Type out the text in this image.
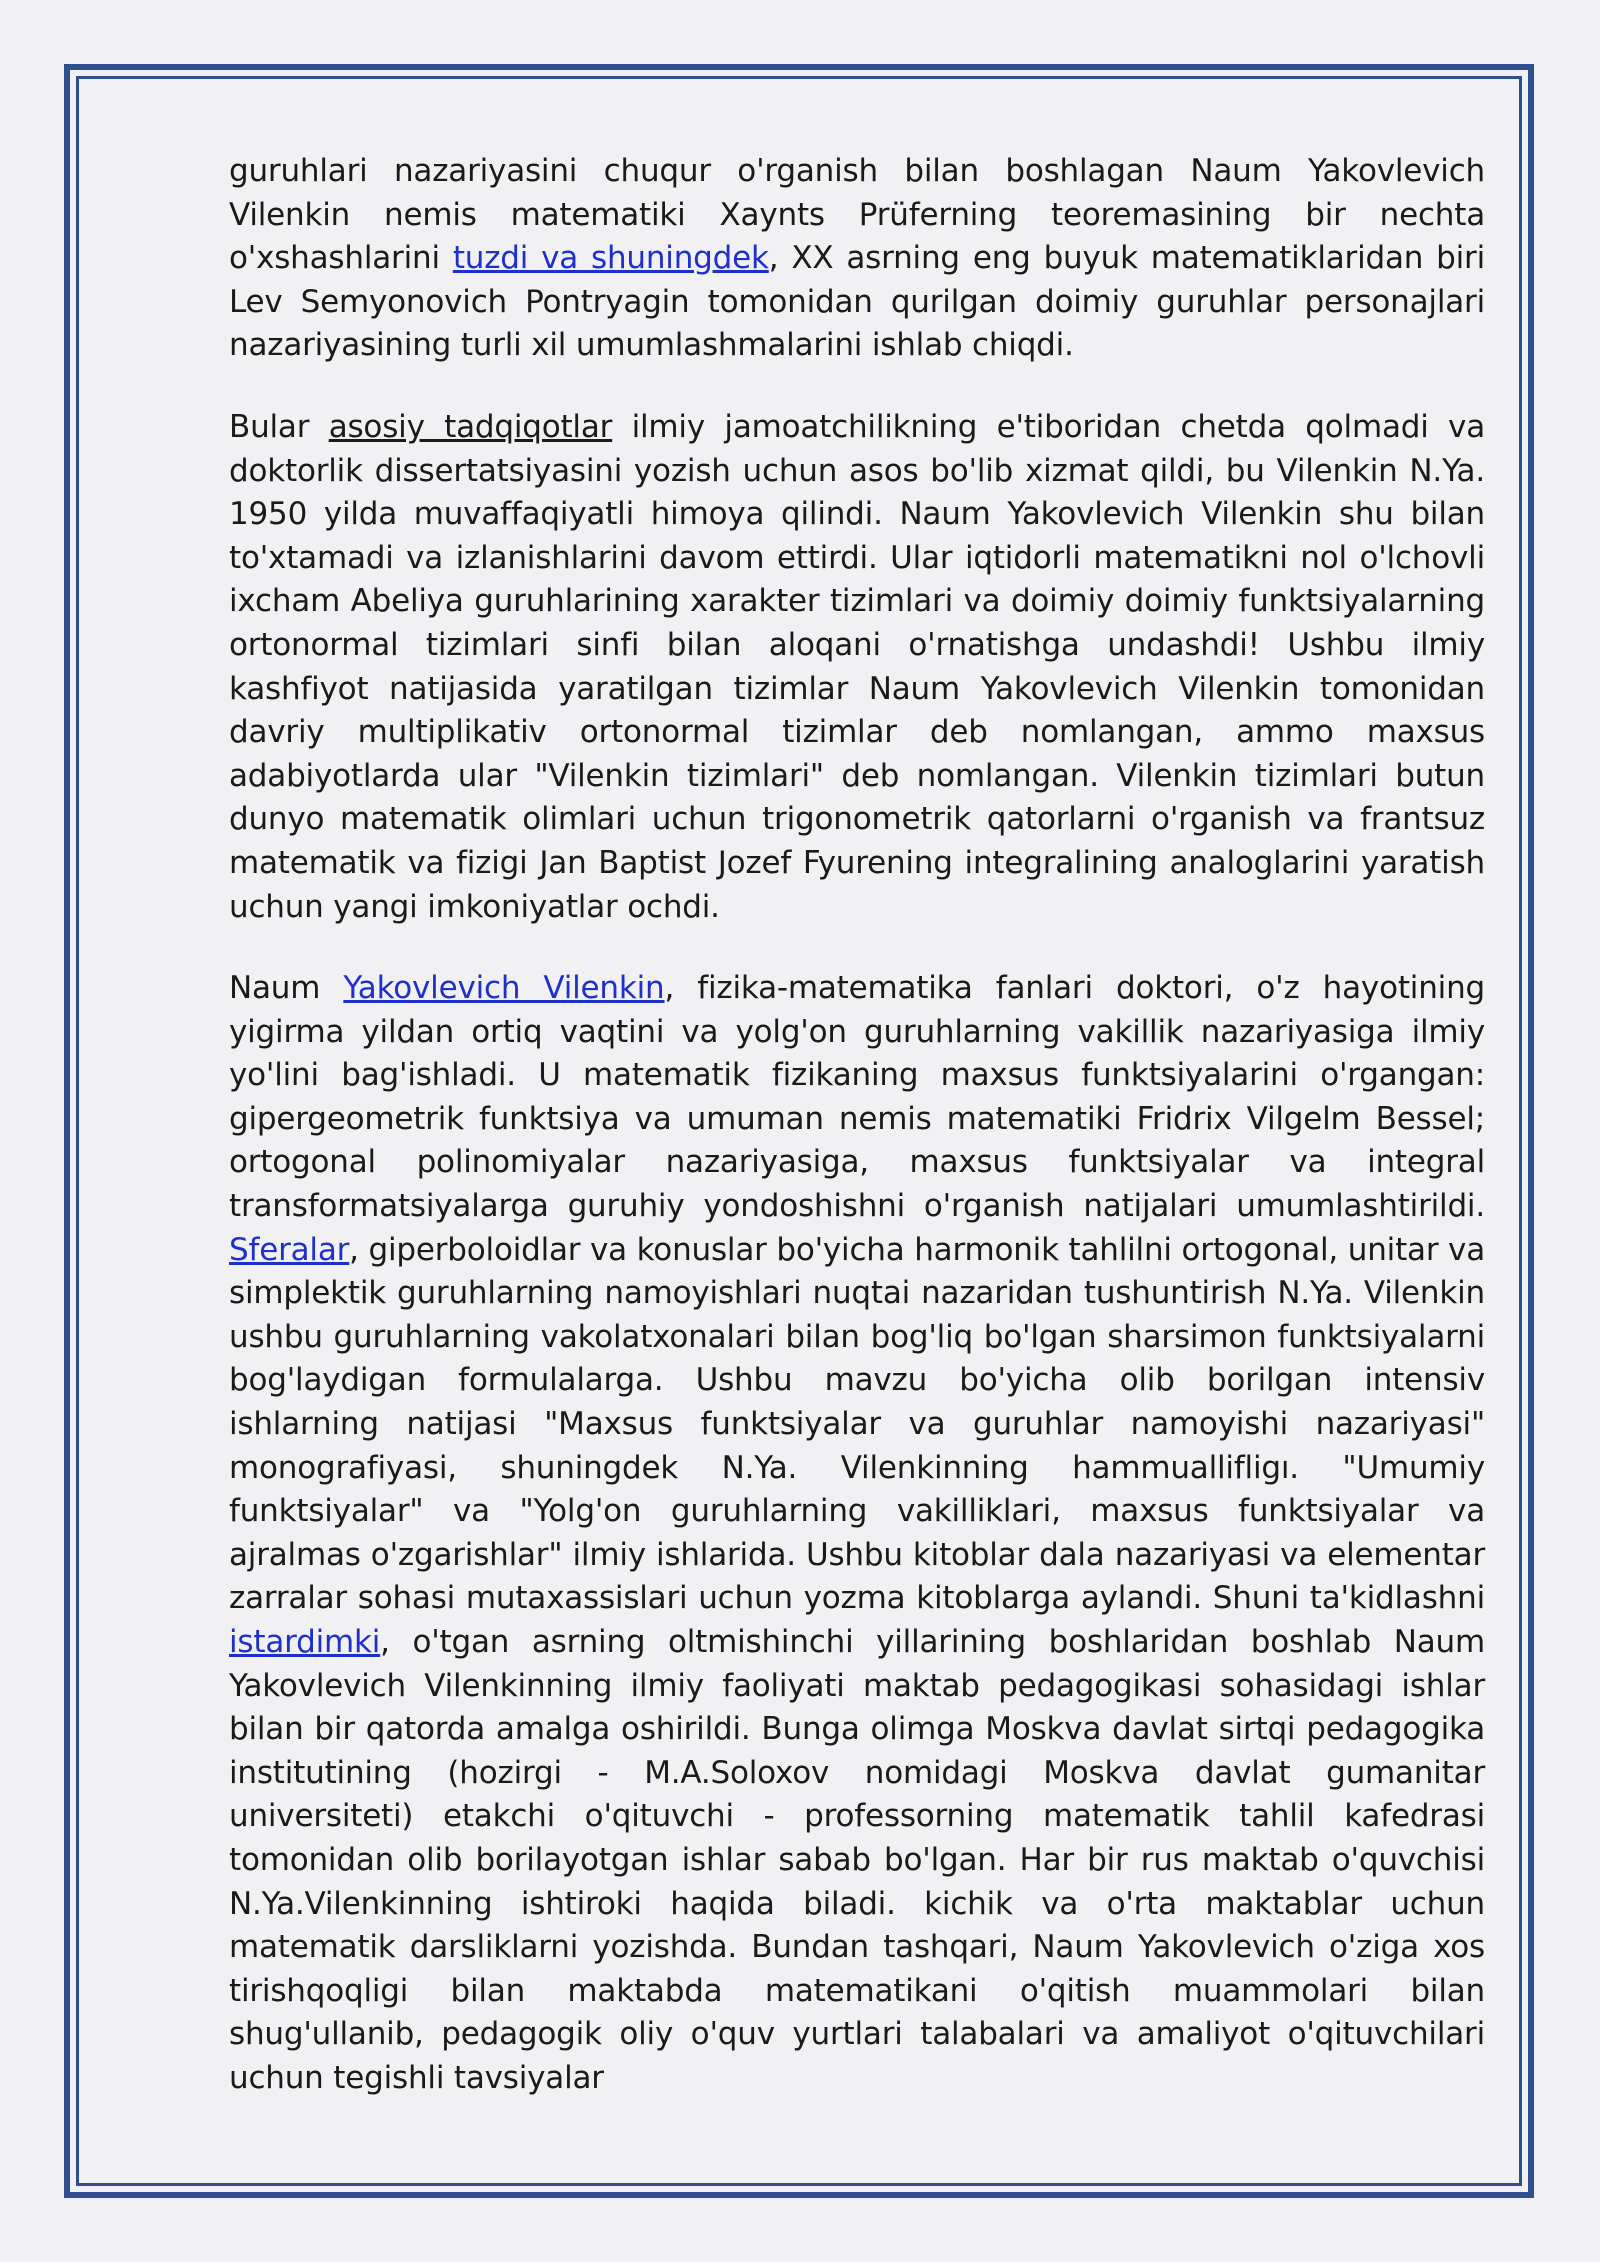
guruhlari nazariyasini chuqur o'rganish bilan boshlagan Naum Yakovlevich Vilenkin nemis matematiki Xaynts Prüferning teoremasining bir nechta o'xshashlarini tuzdi va shuningdek, XX asrning eng buyuk matematiklaridan biri Lev Semyonovich Pontryagin tomonidan qurilgan doimiy guruhlar personajlari nazariyasining turli xil umumlashmalarini ishlab chiqdi.

Bular asosiy tadqiqotlar ilmiy jamoatchilikning e'tiboridan chetda qolmadi va doktorlik dissertatsiyasini yozish uchun asos bo'lib xizmat qildi, bu Vilenkin N.Ya. 1950 yilda muvaffaqiyatli himoya qilindi. Naum Yakovlevich Vilenkin shu bilan to'xtamadi va izlanishlarini davom ettirdi. Ular iqtidorli matematikni nol o'lchovli ixcham Abeliya guruhlarining xarakter tizimlari va doimiy doimiy funktsiyalarning ortonormal tizimlari sinfi bilan aloqani o'rnatishga undashdi! Ushbu ilmiy kashfiyot natijasida yaratilgan tizimlar Naum Yakovlevich Vilenkin tomonidan davriy multiplikativ ortonormal tizimlar deb nomlangan, ammo maxsus adabiyotlarda ular "Vilenkin tizimlari" deb nomlangan. Vilenkin tizimlari butun dunyo matematik olimlari uchun trigonometrik qatorlarni o'rganish va frantsuz matematik va fizigi Jan Baptist Jozef Fyurening integralining analoglarini yaratish uchun yangi imkoniyatlar ochdi.

Naum Yakovlevich Vilenkin, fizika-matematika fanlari doktori, o'z hayotining yigirma yildan ortiq vaqtini va yolg'on guruhlarning vakillik nazariyasiga ilmiy yo'lini bag'ishladi. U matematik fizikaning maxsus funktsiyalarini o'rgangan: gipergeometrik funktsiya va umuman nemis matematiki Fridrix Vilgelm Bessel; ortogonal polinomiyalar nazariyasiga, maxsus funktsiyalar va integral transformatsiyalarga guruhiy yondoshishni o'rganish natijalari umumlashtirildi. Sferalar, giperboloidlar va konuslar bo'yicha harmonik tahlilni ortogonal, unitar va simplektik guruhlarning namoyishlari nuqtai nazaridan tushuntirish N.Ya. Vilenkin ushbu guruhlarning vakolatxonalari bilan bog'liq bo'lgan sharsimon funktsiyalarni bog'laydigan formulalarga. Ushbu mavzu bo'yicha olib borilgan intensiv ishlarning natijasi "Maxsus funktsiyalar va guruhlar namoyishi nazariyasi" monografiyasi, shuningdek N.Ya. Vilenkinning hammuallifligı. "Umumiy funktsiyalar" va "Yolg'on guruhlarning vakilliklari, maxsus funktsiyalar va ajralmas o'zgarishlar" ilmiy ishlarida. Ushbu kitoblar dala nazariyasi va elementar zarralar sohasi mutaxassislari uchun yozma kitoblarga aylandi. Shuni ta'kidlashni istardimki, o'tgan asrning oltmishinchi yillarining boshlaridan boshlab Naum Yakovlevich Vilenkinning ilmiy faoliyati maktab pedagogikasi sohasidagi ishlar bilan bir qatorda amalga oshirildi. Bunga olimga Moskva davlat sirtqi pedagogika institutining (hozirgi - M.A.Soloxov nomidagi Moskva davlat gumanitar universiteti) etakchi o'qituvchi - professorning matematik tahlil kafedrasi tomonidan olib borilayotgan ishlar sabab bo'lgan. Har bir rus maktab o'quvchisi N.Ya.Vilenkinning ishtiroki haqida biladi. kichik va o'rta maktablar uchun matematik darsliklarni yozishda. Bundan tashqari, Naum Yakovlevich o'ziga xos tirishqoqligi bilan maktabda matematikani o'qitish muammolari bilan shug'ullanib, pedagogik oliy o'quv yurtlari talabalari va amaliyot o'qituvchilari uchun tegishli tavsiyalar
